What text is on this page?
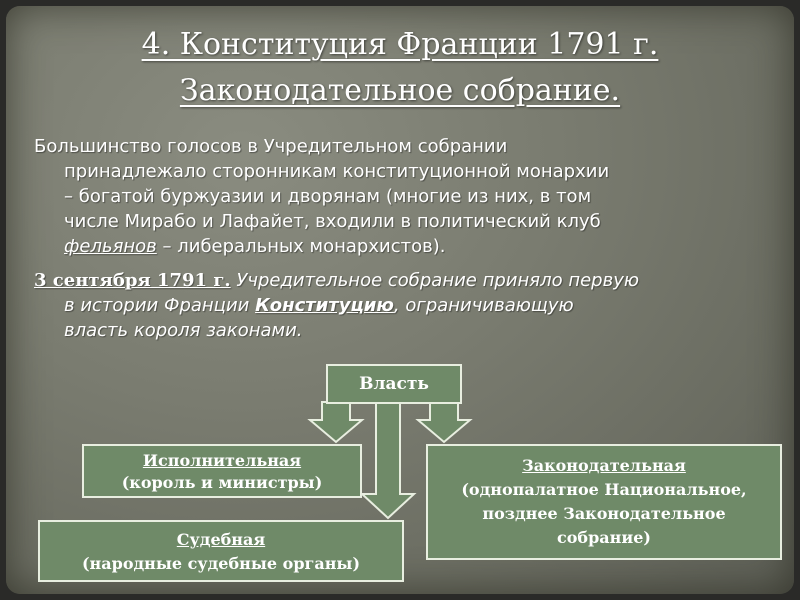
4. Конституция Франции 1791 г.
Законодательное собрание.
Большинство голосов в Учредительном собрании
принадлежало сторонникам конституционной монархии
– богатой буржуазии и дворянам (многие из них, в том
числе Мирабо и Лафайет, входили в политический клуб
фельянов – либеральных монархистов).
3 сентября 1791 г. Учредительное собрание приняло первую
в истории Франции Конституцию, ограничивающую
власть короля законами.
Власть
Исполнительная
(король и министры)
Законодательная
(однопалатное Национальное,
позднее Законодательное
собрание)
Судебная
(народные судебные органы)
